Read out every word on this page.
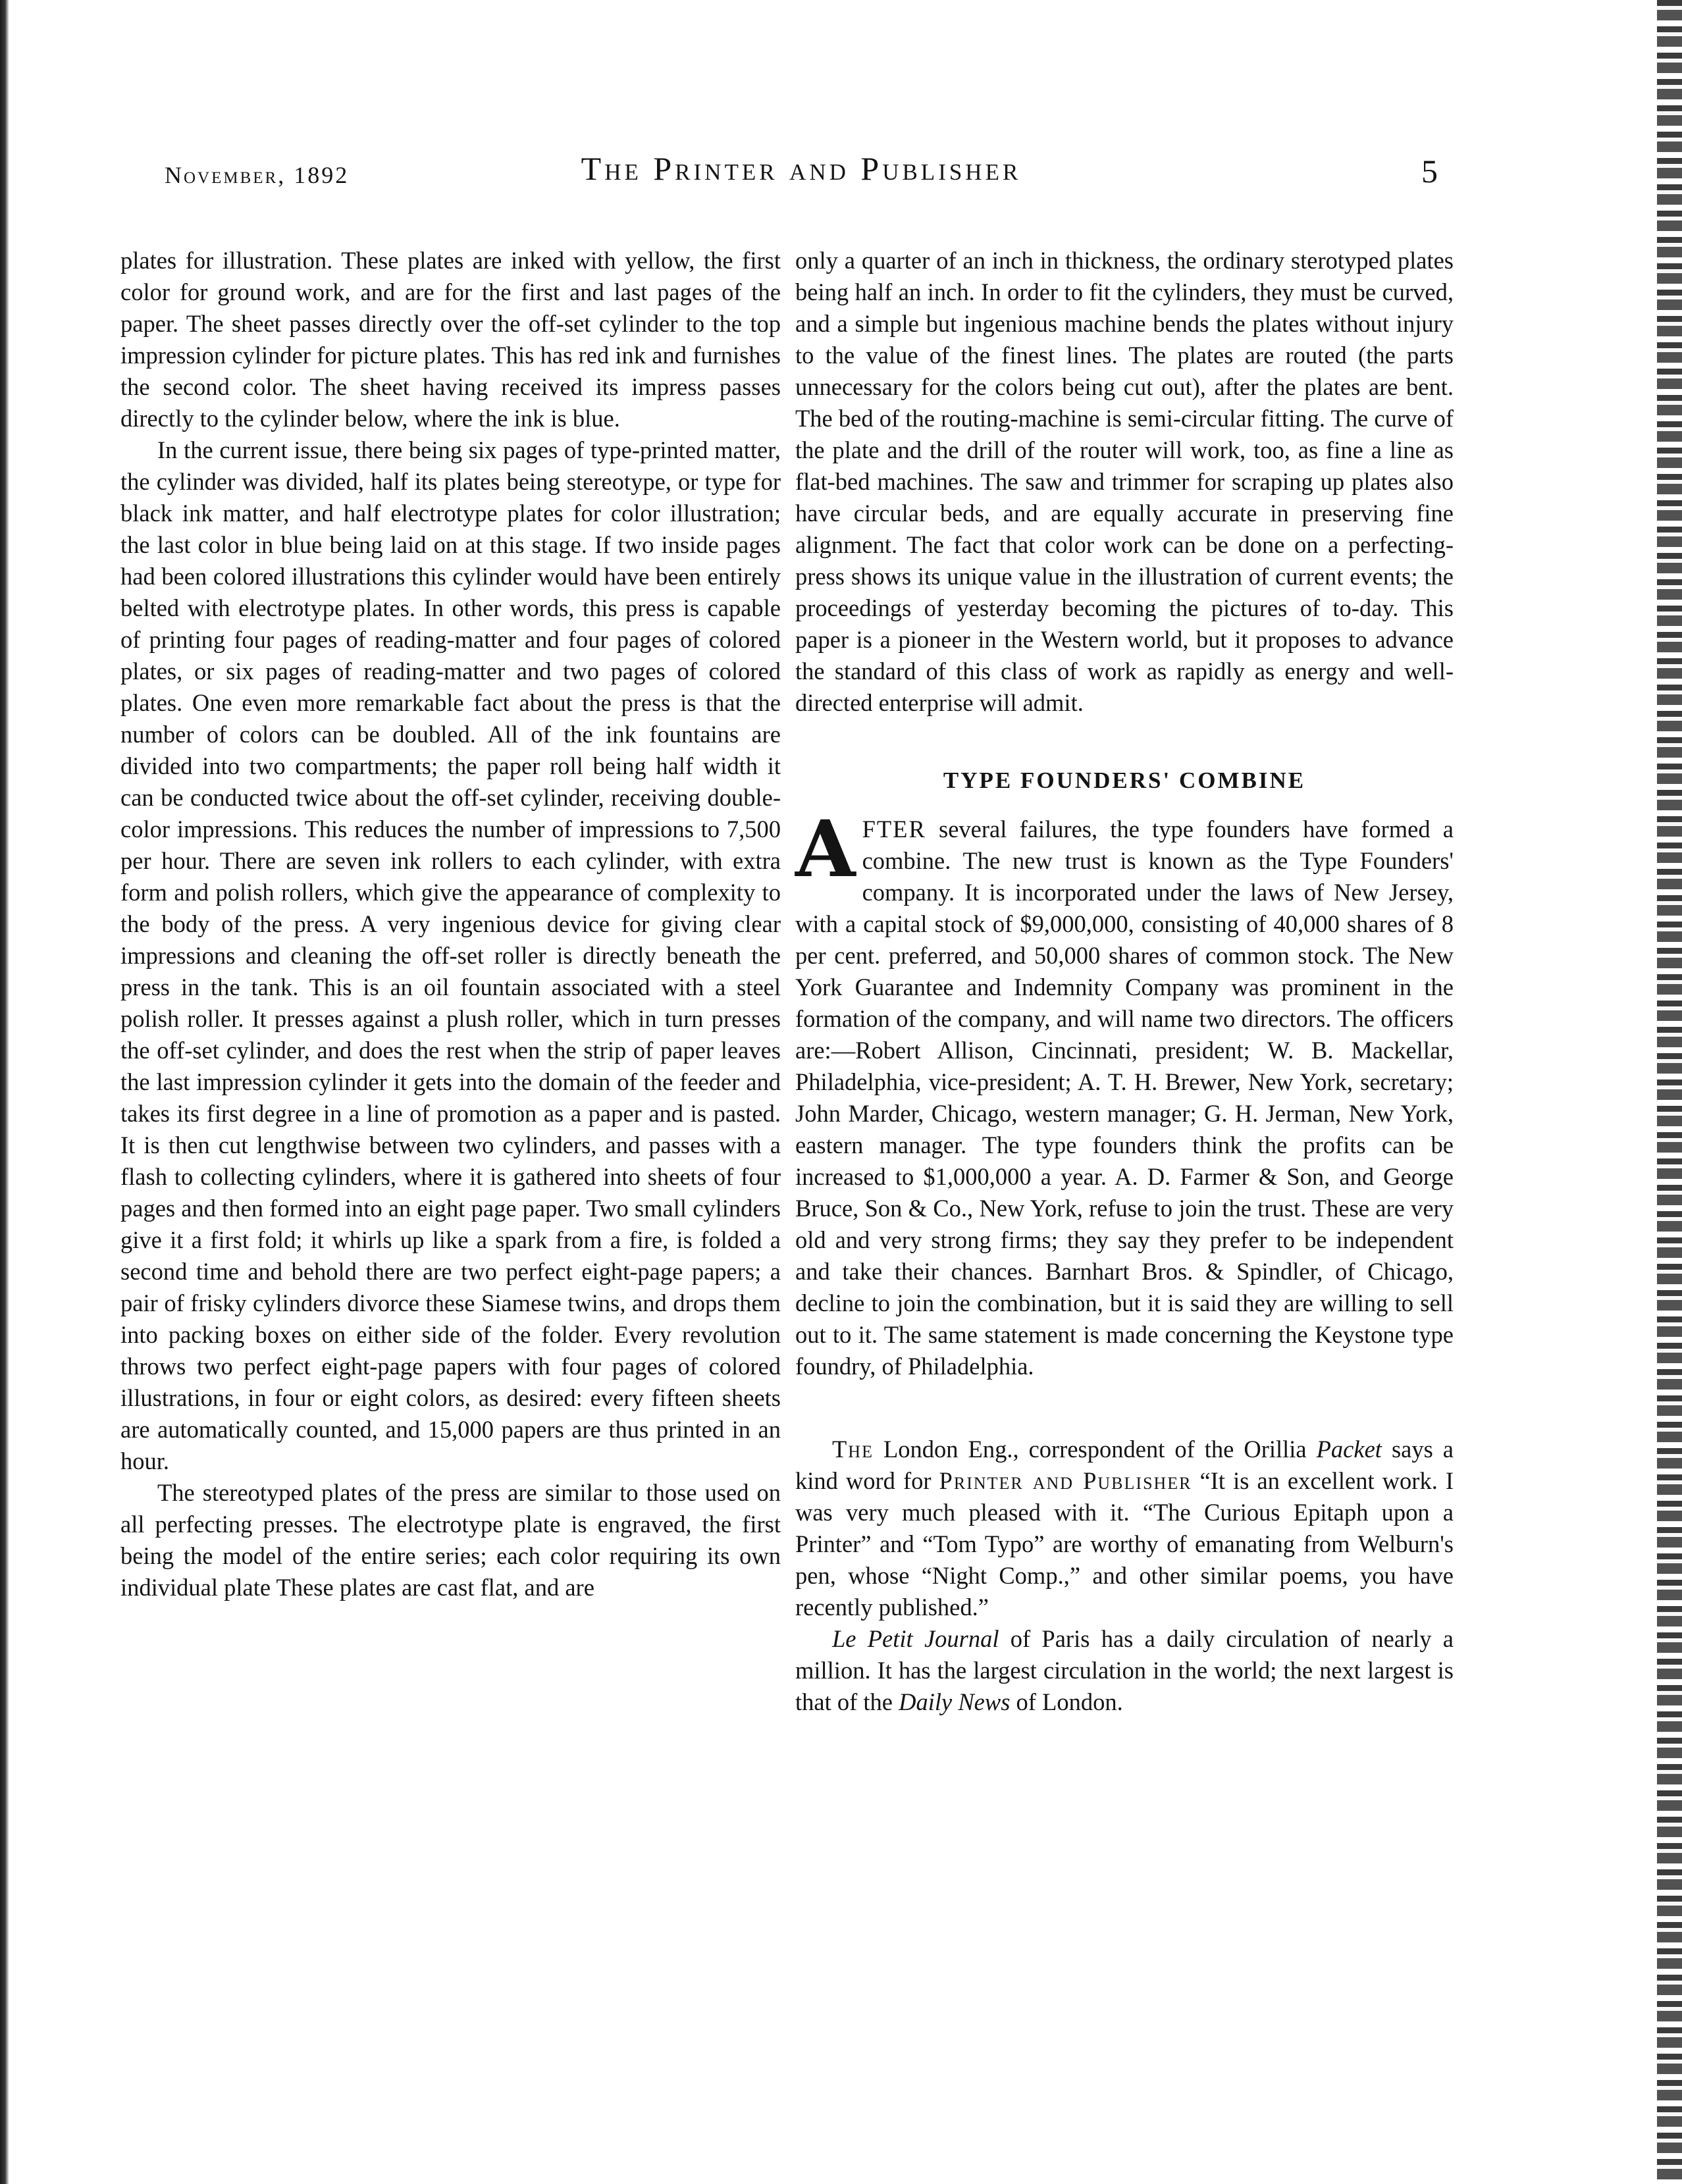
November, 1892	The Printer and Publisher	5

plates for illustration. These plates are inked with yellow, the first color for ground work, and are for the first and last pages of the paper. The sheet passes directly over the off-set cylinder to the top impression cylinder for picture plates. This has red ink and furnishes the second color. The sheet having received its impress passes directly to the cylinder below, where the ink is blue.

In the current issue, there being six pages of type-printed matter, the cylinder was divided, half its plates being stereotype, or type for black ink matter, and half electrotype plates for color illustration; the last color in blue being laid on at this stage. If two inside pages had been colored illustrations this cylinder would have been entirely belted with electrotype plates. In other words, this press is capable of printing four pages of reading-matter and four pages of colored plates, or six pages of reading-matter and two pages of colored plates. One even more remarkable fact about the press is that the number of colors can be doubled. All of the ink fountains are divided into two compartments; the paper roll being half width it can be conducted twice about the off-set cylinder, receiving double-color impressions. This reduces the number of impressions to 7,500 per hour. There are seven ink rollers to each cylinder, with extra form and polish rollers, which give the appearance of complexity to the body of the press. A very ingenious device for giving clear impressions and cleaning the off-set roller is directly beneath the press in the tank. This is an oil fountain associated with a steel polish roller. It presses against a plush roller, which in turn presses the off-set cylinder, and does the rest when the strip of paper leaves the last impression cylinder it gets into the domain of the feeder and takes its first degree in a line of promotion as a paper and is pasted. It is then cut lengthwise between two cylinders, and passes with a flash to collecting cylinders, where it is gathered into sheets of four pages and then formed into an eight page paper. Two small cylinders give it a first fold; it whirls up like a spark from a fire, is folded a second time and behold there are two perfect eight-page papers; a pair of frisky cylinders divorce these Siamese twins, and drops them into packing boxes on either side of the folder. Every revolution throws two perfect eight-page papers with four pages of colored illustrations, in four or eight colors, as desired: every fifteen sheets are automatically counted, and 15,000 papers are thus printed in an hour.

The stereotyped plates of the press are similar to those used on all perfecting presses. The electrotype plate is engraved, the first being the model of the entire series; each color requiring its own individual plate These plates are cast flat, and are

only a quarter of an inch in thickness, the ordinary sterotyped plates being half an inch. In order to fit the cylinders, they must be curved, and a simple but ingenious machine bends the plates without injury to the value of the finest lines. The plates are routed (the parts unnecessary for the colors being cut out), after the plates are bent. The bed of the routing-machine is semi-circular fitting. The curve of the plate and the drill of the router will work, too, as fine a line as flat-bed machines. The saw and trimmer for scraping up plates also have circular beds, and are equally accurate in preserving fine alignment. The fact that color work can be done on a perfecting-press shows its unique value in the illustration of current events; the proceedings of yesterday becoming the pictures of to-day. This paper is a pioneer in the Western world, but it proposes to advance the standard of this class of work as rapidly as energy and well-directed enterprise will admit.

TYPE FOUNDERS' COMBINE

AFTER several failures, the type founders have formed a combine. The new trust is known as the Type Founders' company. It is incorporated under the laws of New Jersey, with a capital stock of $9,000,000, consisting of 40,000 shares of 8 per cent. preferred, and 50,000 shares of common stock. The New York Guarantee and Indemnity Company was prominent in the formation of the company, and will name two directors. The officers are:—Robert Allison, Cincinnati, president; W. B. Mackellar, Philadelphia, vice-president; A. T. H. Brewer, New York, secretary; John Marder, Chicago, western manager; G. H. Jerman, New York, eastern manager. The type founders think the profits can be increased to $1,000,000 a year. A. D. Farmer & Son, and George Bruce, Son & Co., New York, refuse to join the trust. These are very old and very strong firms; they say they prefer to be independent and take their chances. Barnhart Bros. & Spindler, of Chicago, decline to join the combination, but it is said they are willing to sell out to it. The same statement is made concerning the Keystone type foundry, of Philadelphia.

The London Eng., correspondent of the Orillia Packet says a kind word for Printer and Publisher “It is an excellent work. I was very much pleased with it. “The Curious Epitaph upon a Printer” and “Tom Typo” are worthy of emanating from Welburn's pen, whose “Night Comp.,” and other similar poems, you have recently published.”

Le Petit Journal of Paris has a daily circulation of nearly a million. It has the largest circulation in the world; the next largest is that of the Daily News of London.
